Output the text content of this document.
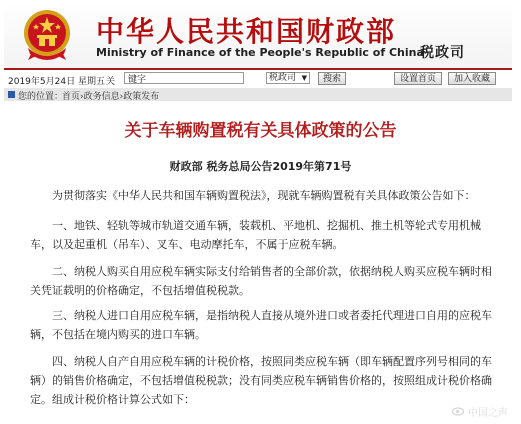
中华人民共和国财政部
Ministry of Finance of the People's Republic of China
税政司
2019年5月24日 星期五 关
键字	税政司 ▼	搜索	设置首页	加入收藏
您的位置：
首页›政务信息›政策发布
关于车辆购置税有关具体政策的公告
财政部 税务总局公告2019年第71号
为贯彻落实《中华人民共和国车辆购置税法》，现就车辆购置税有关具体政策公告如下：
一、地铁、轻轨等城市轨道交通车辆，装载机、平地机、挖掘机、推土机等轮式专用机械车，以及起重机（吊车）、叉车、电动摩托车，不属于应税车辆。
二、纳税人购买自用应税车辆实际支付给销售者的全部价款，依据纳税人购买应税车辆时相关凭证载明的价格确定，不包括增值税税款。
三、纳税人进口自用应税车辆，是指纳税人直接从境外进口或者委托代理进口自用的应税车辆，不包括在境内购买的进口车辆。
四、纳税人自产自用应税车辆的计税价格，按照同类应税车辆（即车辆配置序列号相同的车辆）的销售价格确定，不包括增值税税款；没有同类应税车辆销售价格的，按照组成计税价格确定。组成计税价格计算公式如下：
中国之声
